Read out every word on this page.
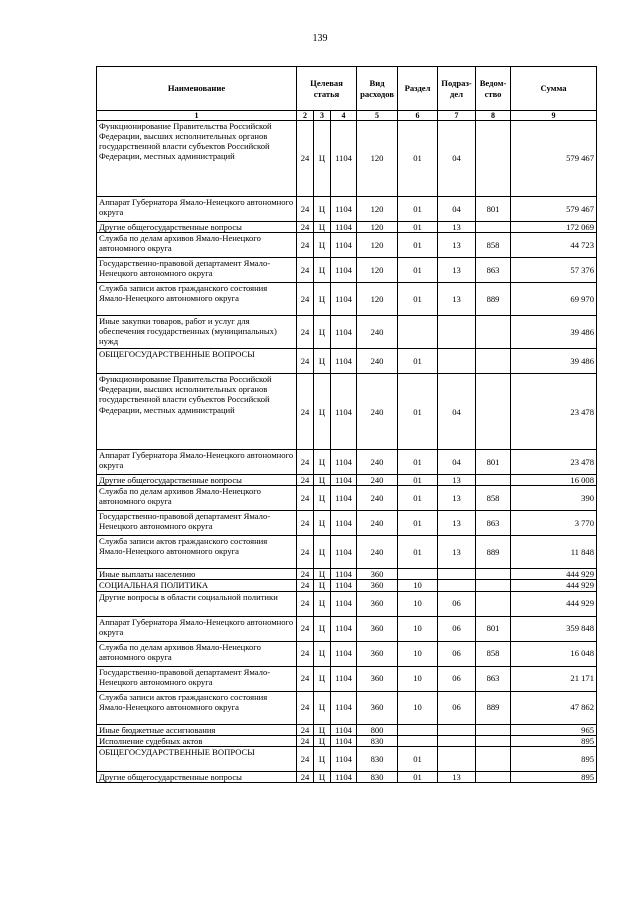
139
Наименование	Целевая статья			Вид расходов	Раздел	Подраз- дел	Ведом- ство	Сумма
1	2	3	4	5	6	7	8	9
Функционирование Правительства Российской Федерации, высших исполнительных органов государственной власти субъектов Российской Федерации, местных администраций	24	Ц	1104	120	01	04		579 467
Аппарат Губернатора Ямало-Ненецкого автономного округа	24	Ц	1104	120	01	04	801	579 467
Другие общегосударственные вопросы	24	Ц	1104	120	01	13		172 069
Служба по делам архивов Ямало-Ненецкого автономного округа	24	Ц	1104	120	01	13	858	44 723
Государственно-правовой департамент Ямало-Ненецкого автономного округа	24	Ц	1104	120	01	13	863	57 376
Служба записи актов гражданского состояния Ямало-Ненецкого автономного округа	24	Ц	1104	120	01	13	889	69 970
Иные закупки товаров, работ и услуг для обеспечения государственных (муниципальных) нужд	24	Ц	1104	240				39 486
ОБЩЕГОСУДАРСТВЕННЫЕ ВОПРОСЫ	24	Ц	1104	240	01			39 486
Функционирование Правительства Российской Федерации, высших исполнительных органов государственной власти субъектов Российской Федерации, местных администраций	24	Ц	1104	240	01	04		23 478
Аппарат Губернатора Ямало-Ненецкого автономного округа	24	Ц	1104	240	01	04	801	23 478
Другие общегосударственные вопросы	24	Ц	1104	240	01	13		16 008
Служба по делам архивов Ямало-Ненецкого автономного округа	24	Ц	1104	240	01	13	858	390
Государственно-правовой департамент Ямало-Ненецкого автономного округа	24	Ц	1104	240	01	13	863	3 770
Служба записи актов гражданского состояния Ямало-Ненецкого автономного округа	24	Ц	1104	240	01	13	889	11 848
Иные выплаты населению	24	Ц	1104	360				444 929
СОЦИАЛЬНАЯ ПОЛИТИКА	24	Ц	1104	360	10			444 929
Другие вопросы в области социальной политики	24	Ц	1104	360	10	06		444 929
Аппарат Губернатора Ямало-Ненецкого автономного округа	24	Ц	1104	360	10	06	801	359 848
Служба по делам архивов Ямало-Ненецкого автономного округа	24	Ц	1104	360	10	06	858	16 048
Государственно-правовой департамент Ямало-Ненецкого автономного округа	24	Ц	1104	360	10	06	863	21 171
Служба записи актов гражданского состояния Ямало-Ненецкого автономного округа	24	Ц	1104	360	10	06	889	47 862
Иные бюджетные ассигнования	24	Ц	1104	800				965
Исполнение судебных актов	24	Ц	1104	830				895
ОБЩЕГОСУДАРСТВЕННЫЕ ВОПРОСЫ	24	Ц	1104	830	01			895
Другие общегосударственные вопросы	24	Ц	1104	830	01	13		895
